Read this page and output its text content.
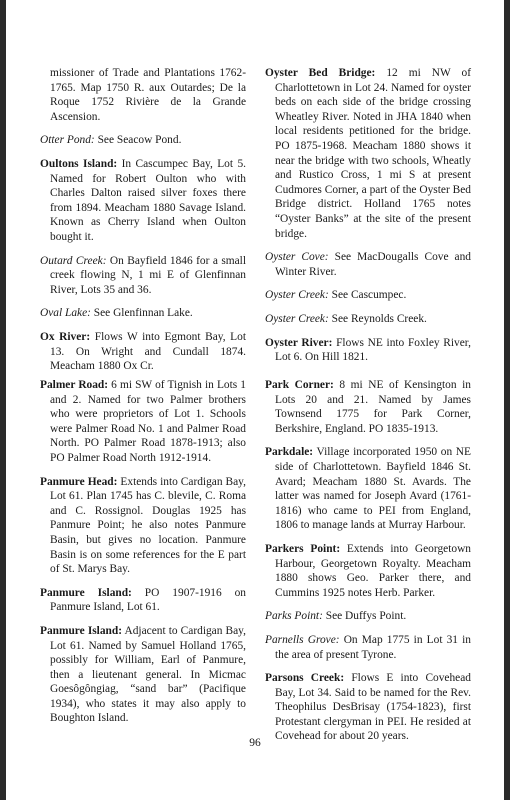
missioner of Trade and Plantations 1762-1765. Map 1750 R. aux Outardes; De la Roque 1752 Rivière de la Grande Ascension.

Otter Pond: See Seacow Pond.

Oultons Island: In Cascumpec Bay, Lot 5. Named for Robert Oulton who with Charles Dalton raised silver foxes there from 1894. Meacham 1880 Savage Island. Known as Cherry Island when Oulton bought it.

Outard Creek: On Bayfield 1846 for a small creek flowing N, 1 mi E of Glenfinnan River, Lots 35 and 36.

Oval Lake: See Glenfinnan Lake.

Ox River: Flows W into Egmont Bay, Lot 13. On Wright and Cundall 1874. Meacham 1880 Ox Cr.

Oyster Bed Bridge: 12 mi NW of Charlottetown in Lot 24. Named for oyster beds on each side of the bridge crossing Wheatley River. Noted in JHA 1840 when local residents petitioned for the bridge. PO 1875-1968. Meacham 1880 shows it near the bridge with two schools, Wheatly and Rustico Cross, 1 mi S at present Cudmores Corner, a part of the Oyster Bed Bridge district. Holland 1765 notes “Oyster Banks” at the site of the present bridge.

Oyster Cove: See MacDougalls Cove and Winter River.

Oyster Creek: See Cascumpec.

Oyster Creek: See Reynolds Creek.

Oyster River: Flows NE into Foxley River, Lot 6. On Hill 1821.

Palmer Road: 6 mi SW of Tignish in Lots 1 and 2. Named for two Palmer brothers who were proprietors of Lot 1. Schools were Palmer Road No. 1 and Palmer Road North. PO Palmer Road 1878-1913; also PO Palmer Road North 1912-1914.

Panmure Head: Extends into Cardigan Bay, Lot 61. Plan 1745 has C. blevile, C. Roma and C. Rossignol. Douglas 1925 has Panmure Point; he also notes Panmure Basin, but gives no location. Panmure Basin is on some references for the E part of St. Marys Bay.

Panmure Island: PO 1907-1916 on Panmure Island, Lot 61.

Panmure Island: Adjacent to Cardigan Bay, Lot 61. Named by Samuel Holland 1765, possibly for William, Earl of Panmure, then a lieutenant general. In Micmac Goesôgôngiag, “sand bar” (Pacifique 1934), who states it may also apply to Boughton Island.

Park Corner: 8 mi NE of Kensington in Lots 20 and 21. Named by James Townsend 1775 for Park Corner, Berkshire, England. PO 1835-1913.

Parkdale: Village incorporated 1950 on NE side of Charlottetown. Bayfield 1846 St. Avard; Meacham 1880 St. Avards. The latter was named for Joseph Avard (1761-1816) who came to PEI from England, 1806 to manage lands at Murray Harbour.

Parkers Point: Extends into Georgetown Harbour, Georgetown Royalty. Meacham 1880 shows Geo. Parker there, and Cummins 1925 notes Herb. Parker.

Parks Point: See Duffys Point.

Parnells Grove: On Map 1775 in Lot 31 in the area of present Tyrone.

Parsons Creek: Flows E into Covehead Bay, Lot 34. Said to be named for the Rev. Theophilus DesBrisay (1754-1823), first Protestant clergyman in PEI. He resided at Covehead for about 20 years.

96
